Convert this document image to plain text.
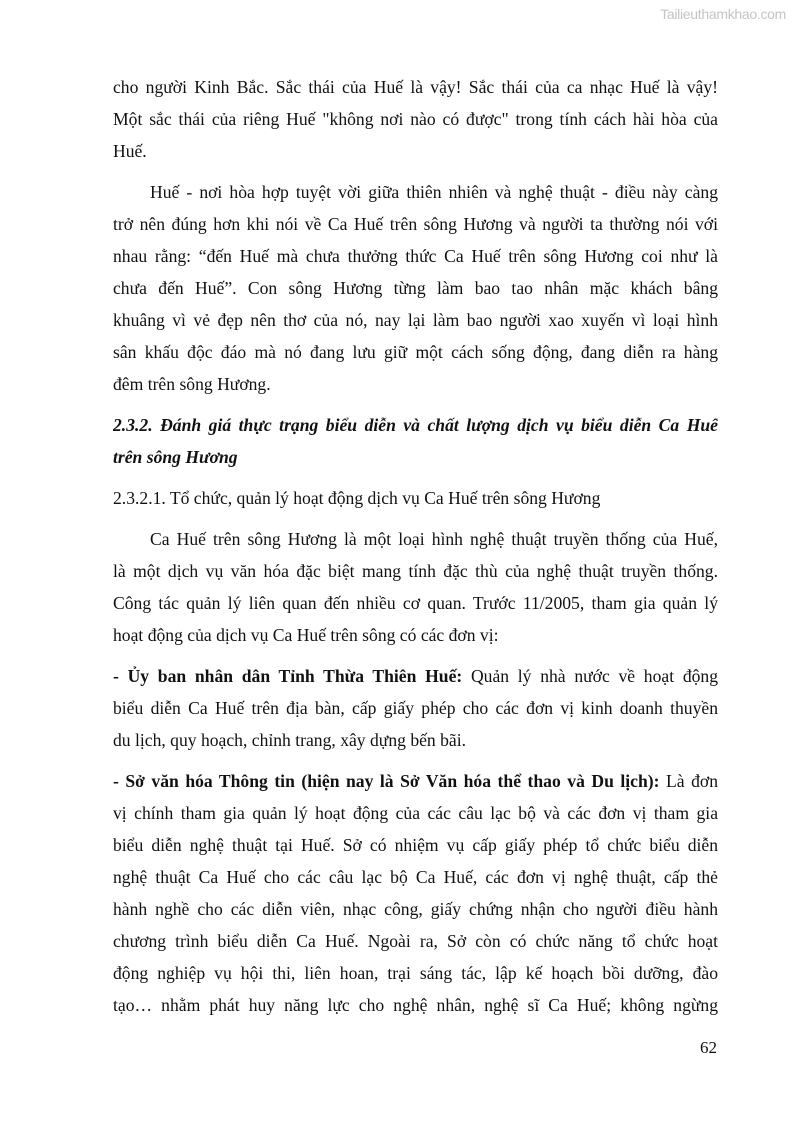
Tailieuthamkhao.com
cho người Kinh Bắc. Sắc thái của Huế là vậy! Sắc thái của ca nhạc Huế là vậy!
Một sắc thái của riêng Huế "không nơi nào có được" trong tính cách hài hòa của
Huế.
Huế - nơi hòa hợp tuyệt vời giữa thiên nhiên và nghệ thuật - điều này càng
trở nên đúng hơn khi nói về Ca Huế trên sông Hương và người ta thường nói với
nhau rằng: “đến Huế mà chưa thưởng thức Ca Huế trên sông Hương coi như là
chưa đến Huế”. Con sông Hương từng làm bao tao nhân mặc khách bâng
khuâng vì vẻ đẹp nên thơ của nó, nay lại làm bao người xao xuyến vì loại hình
sân khấu độc đáo mà nó đang lưu giữ một cách sống động, đang diễn ra hàng
đêm trên sông Hương.
2.3.2. Đánh giá thực trạng biểu diễn và chất lượng dịch vụ biểu diễn Ca Huế
trên sông Hương
2.3.2.1. Tổ chức, quản lý hoạt động dịch vụ Ca Huế trên sông Hương
Ca Huế trên sông Hương là một loại hình nghệ thuật truyền thống của Huế,
là một dịch vụ văn hóa đặc biệt mang tính đặc thù của nghệ thuật truyền thống.
Công tác quản lý liên quan đến nhiều cơ quan. Trước 11/2005, tham gia quản lý
hoạt động của dịch vụ Ca Huế trên sông có các đơn vị:
- Ủy ban nhân dân Tỉnh Thừa Thiên Huế: Quản lý nhà nước về hoạt động
biểu diễn Ca Huế trên địa bàn, cấp giấy phép cho các đơn vị kinh doanh thuyền
du lịch, quy hoạch, chỉnh trang, xây dựng bến bãi.
- Sở văn hóa Thông tin (hiện nay là Sở Văn hóa thể thao và Du lịch): Là đơn
vị chính tham gia quản lý hoạt động của các câu lạc bộ và các đơn vị tham gia
biểu diễn nghệ thuật tại Huế. Sở có nhiệm vụ cấp giấy phép tổ chức biểu diễn
nghệ thuật Ca Huế cho các câu lạc bộ Ca Huế, các đơn vị nghệ thuật, cấp thẻ
hành nghề cho các diễn viên, nhạc công, giấy chứng nhận cho người điều hành
chương trình biểu diễn Ca Huế. Ngoài ra, Sở còn có chức năng tổ chức hoạt
động nghiệp vụ hội thi, liên hoan, trại sáng tác, lập kế hoạch bồi dưỡng, đào
tạo… nhằm phát huy năng lực cho nghệ nhân, nghệ sĩ Ca Huế; không ngừng
62
